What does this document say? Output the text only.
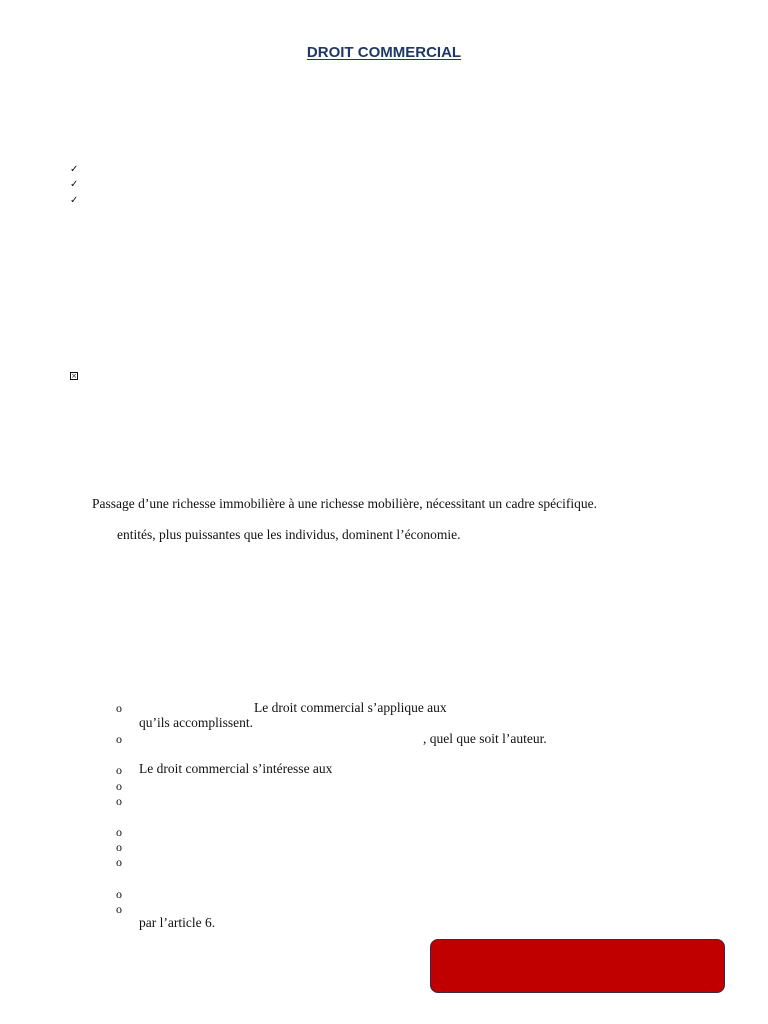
DROIT COMMERCIAL
✓
✓
✓
×
Passage d’une richesse immobilière à une richesse mobilière, nécessitant un cadre spécifique.
entités, plus puissantes que les individus, dominent l’économie.
o	Le droit commercial s’applique aux
qu’ils accomplissent.
o	, quel que soit l’auteur.
o Le droit commercial s’intéresse aux
o
o
o
o
o
o
o
par l’article 6.
